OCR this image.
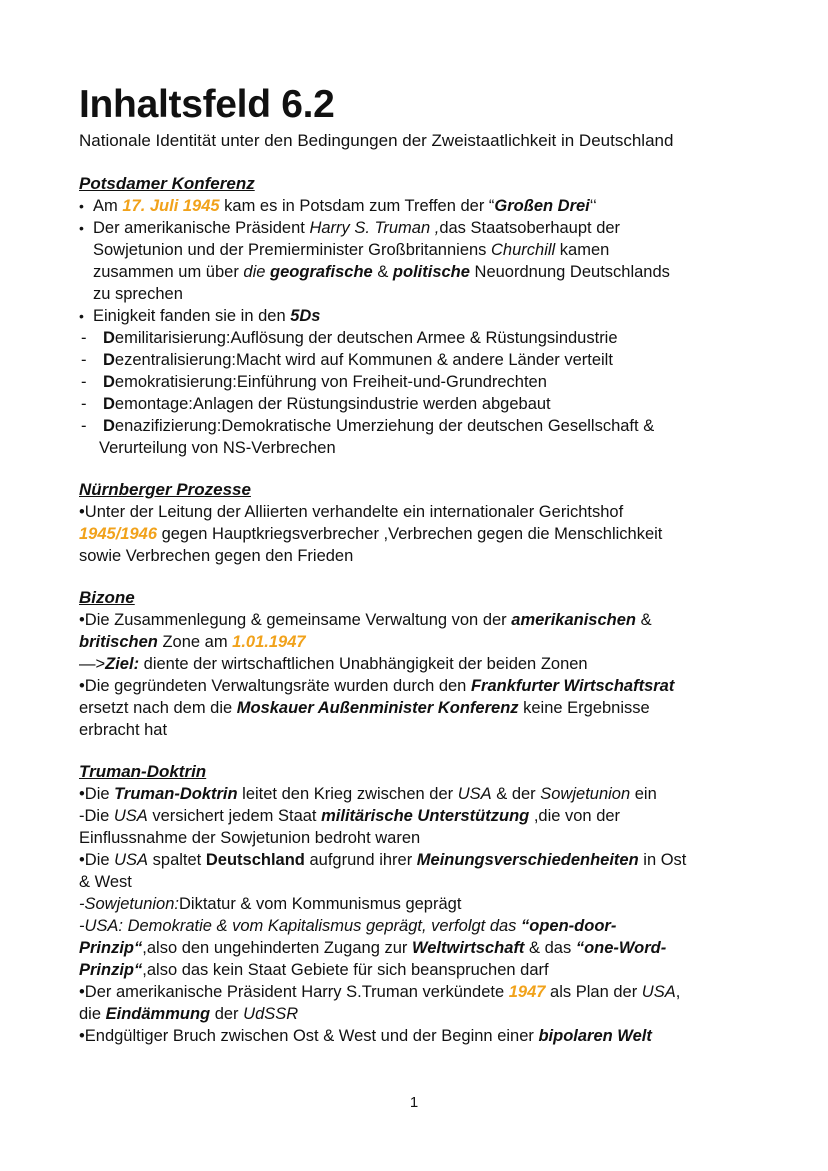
Inhaltsfeld 6.2
Nationale Identität unter den Bedingungen der Zweistaatlichkeit in Deutschland
Potsdamer Konferenz
• Am 17. Juli 1945 kam es in Potsdam zum Treffen der “Großen Drei‘‘
• Der amerikanische Präsident Harry S. Truman ,das Staatsoberhaupt der
Sowjetunion und der Premierminister Großbritanniens Churchill kamen
zusammen um über die geografische & politische Neuordnung Deutschlands
zu sprechen
• Einigkeit fanden sie in den 5Ds
- Demilitarisierung:Auflösung der deutschen Armee & Rüstungsindustrie
- Dezentralisierung:Macht wird auf Kommunen & andere Länder verteilt
- Demokratisierung:Einführung von Freiheit-und-Grundrechten
- Demontage:Anlagen der Rüstungsindustrie werden abgebaut
- Denazifizierung:Demokratische Umerziehung der deutschen Gesellschaft &
Verurteilung von NS-Verbrechen
Nürnberger Prozesse
•Unter der Leitung der Alliierten verhandelte ein internationaler Gerichtshof
1945/1946 gegen Hauptkriegsverbrecher ,Verbrechen gegen die Menschlichkeit
sowie Verbrechen gegen den Frieden
Bizone
•Die Zusammenlegung & gemeinsame Verwaltung von der amerikanischen &
britischen Zone am 1.01.1947
—>Ziel: diente der wirtschaftlichen Unabhängigkeit der beiden Zonen
•Die gegründeten Verwaltungsräte wurden durch den Frankfurter Wirtschaftsrat
ersetzt nach dem die Moskauer Außenminister Konferenz keine Ergebnisse
erbracht hat
Truman-Doktrin
•Die Truman-Doktrin leitet den Krieg zwischen der USA & der Sowjetunion ein
-Die USA versichert jedem Staat militärische Unterstützung ,die von der
Einflussnahme der Sowjetunion bedroht waren
•Die USA spaltet Deutschland aufgrund ihrer Meinungsverschiedenheiten in Ost
& West
-Sowjetunion:Diktatur & vom Kommunismus geprägt
-USA: Demokratie & vom Kapitalismus geprägt, verfolgt das “open-door-
Prinzip“,also den ungehinderten Zugang zur Weltwirtschaft & das “one-Word-
Prinzip“,also das kein Staat Gebiete für sich beanspruchen darf
•Der amerikanische Präsident Harry S.Truman verkündete 1947 als Plan der USA,
die Eindämmung der UdSSR
•Endgültiger Bruch zwischen Ost & West und der Beginn einer bipolaren Welt
1
